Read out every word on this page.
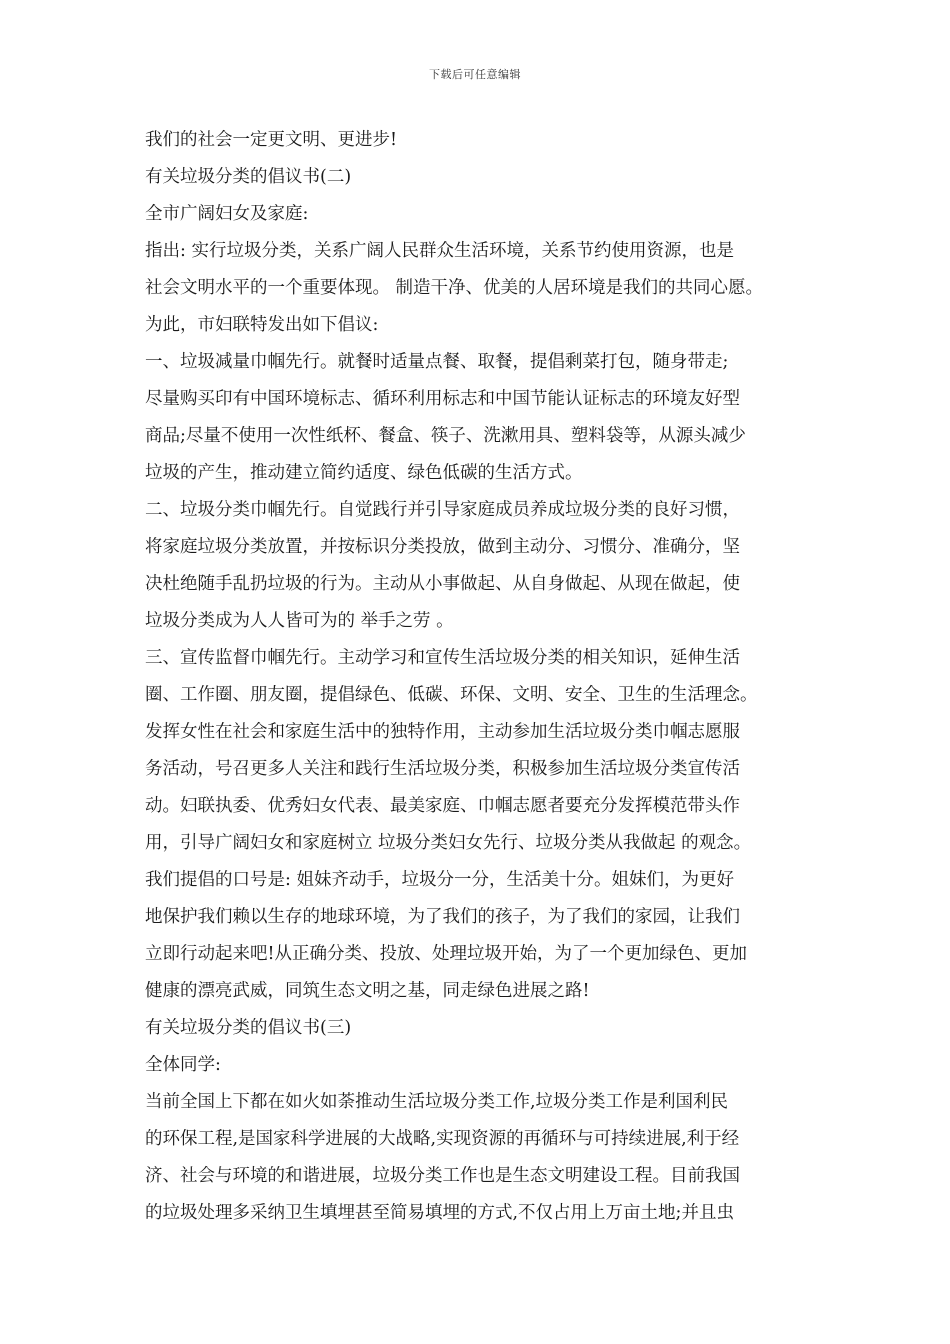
下载后可任意编辑
我们的社会一定更文明、更进步!
有关垃圾分类的倡议书(二)
全市广阔妇女及家庭:
指出: 实行垃圾分类，关系广阔人民群众生活环境，关系节约使用资源，也是
社会文明水平的一个重要体现。 制造干净、优美的人居环境是我们的共同心愿。
为此，市妇联特发出如下倡议:
一、垃圾减量巾帼先行。就餐时适量点餐、取餐，提倡剩菜打包，随身带走;
尽量购买印有中国环境标志、循环利用标志和中国节能认证标志的环境友好型
商品;尽量不使用一次性纸杯、餐盒、筷子、洗漱用具、塑料袋等，从源头减少
垃圾的产生，推动建立简约适度、绿色低碳的生活方式。
二、垃圾分类巾帼先行。自觉践行并引导家庭成员养成垃圾分类的良好习惯，
将家庭垃圾分类放置，并按标识分类投放，做到主动分、习惯分、准确分，坚
决杜绝随手乱扔垃圾的行为。主动从小事做起、从自身做起、从现在做起，使
垃圾分类成为人人皆可为的 举手之劳 。
三、宣传监督巾帼先行。主动学习和宣传生活垃圾分类的相关知识，延伸生活
圈、工作圈、朋友圈，提倡绿色、低碳、环保、文明、安全、卫生的生活理念。
发挥女性在社会和家庭生活中的独特作用，主动参加生活垃圾分类巾帼志愿服
务活动，号召更多人关注和践行生活垃圾分类，积极参加生活垃圾分类宣传活
动。妇联执委、优秀妇女代表、最美家庭、巾帼志愿者要充分发挥模范带头作
用，引导广阔妇女和家庭树立 垃圾分类妇女先行、垃圾分类从我做起 的观念。
我们提倡的口号是: 姐妹齐动手，垃圾分一分，生活美十分。姐妹们，为更好
地保护我们赖以生存的地球环境，为了我们的孩子，为了我们的家园，让我们
立即行动起来吧!从正确分类、投放、处理垃圾开始，为了一个更加绿色、更加
健康的漂亮武威，同筑生态文明之基，同走绿色进展之路!
有关垃圾分类的倡议书(三)
全体同学:
当前全国上下都在如火如荼推动生活垃圾分类工作,垃圾分类工作是利国利民
的环保工程,是国家科学进展的大战略,实现资源的再循环与可持续进展,利于经
济、社会与环境的和谐进展，垃圾分类工作也是生态文明建设工程。目前我国
的垃圾处理多采纳卫生填埋甚至简易填埋的方式,不仅占用上万亩土地;并且虫
